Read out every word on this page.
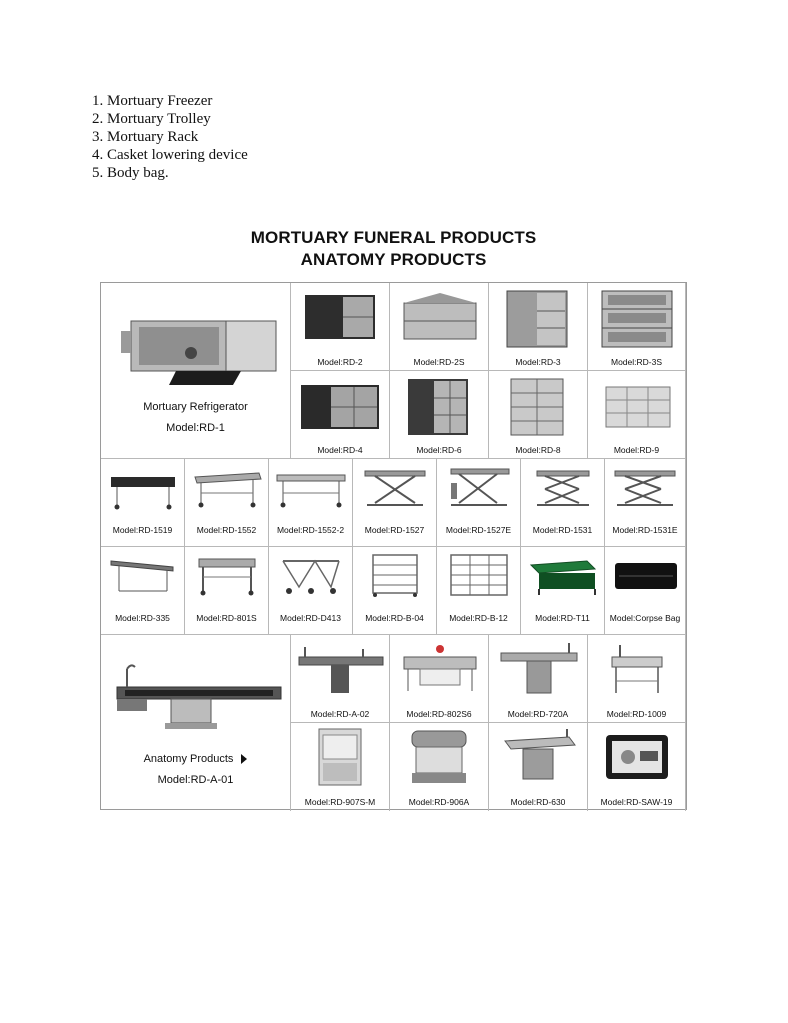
1. Mortuary Freezer
2. Mortuary Trolley
3. Mortuary Rack
4. Casket lowering device
5. Body bag.
MORTUARY FUNERAL PRODUCTS
ANATOMY PRODUCTS
Mortuary Refrigerator
Model:RD-1
Model:RD-2	Model:RD-2S	Model:RD-3	Model:RD-3S
Model:RD-4	Model:RD-6	Model:RD-8	Model:RD-9
Model:RD-1519	Model:RD-1552	Model:RD-1552-2	Model:RD-1527	Model:RD-1527E	Model:RD-1531	Model:RD-1531E
Model:RD-335	Model:RD-801S	Model:RD-D413	Model:RD-B-04	Model:RD-B-12	Model:RD-T11	Model:Corpse Bag
Anatomy Products
Model:RD-A-01
Model:RD-A-02	Model:RD-802S6	Model:RD-720A	Model:RD-1009
Model:RD-907S-M	Model:RD-906A	Model:RD-630	Model:RD-SAW-19
